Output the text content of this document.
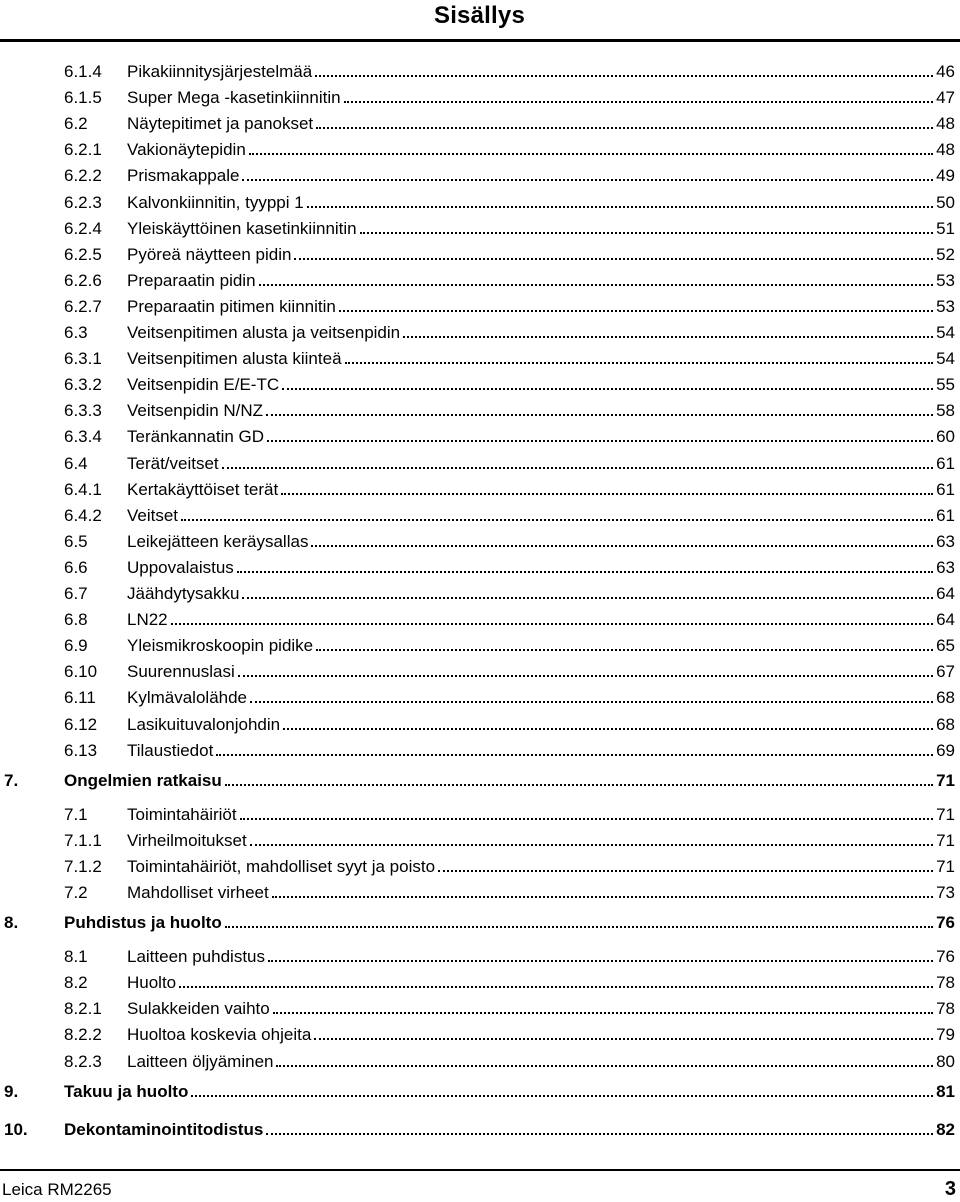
Sisällys
6.1.4 Pikakiinnitysjärjestelmää	46
6.1.5 Super Mega -kasetinkiinnitin	47
6.2 Näytepitimet ja panokset	48
6.2.1 Vakionäytepidin	48
6.2.2 Prismakappale	49
6.2.3 Kalvonkiinnitin, tyyppi 1	50
6.2.4 Yleiskäyttöinen kasetinkiinnitin	51
6.2.5 Pyöreä näytteen pidin	52
6.2.6 Preparaatin pidin	53
6.2.7 Preparaatin pitimen kiinnitin	53
6.3 Veitsenpitimen alusta ja veitsenpidin	54
6.3.1 Veitsenpitimen alusta kiinteä	54
6.3.2 Veitsenpidin E/E-TC	55
6.3.3 Veitsenpidin N/NZ	58
6.3.4 Teränkannatin GD	60
6.4 Terät/veitset	61
6.4.1 Kertakäyttöiset terät	61
6.4.2 Veitset	61
6.5 Leikejätteen keräysallas	63
6.6 Uppovalaistus	63
6.7 Jäähdytysakku	64
6.8 LN22	64
6.9 Yleismikroskoopin pidike	65
6.10 Suurennuslasi	67
6.11 Kylmävalolähde	68
6.12 Lasikuituvalonjohdin	68
6.13 Tilaustiedot	69
7.	Ongelmien ratkaisu	71
7.1 Toimintahäiriöt	71
7.1.1 Virheilmoitukset	71
7.1.2 Toimintahäiriöt, mahdolliset syyt ja poisto	71
7.2 Mahdolliset virheet	73
8.	Puhdistus ja huolto	76
8.1 Laitteen puhdistus	76
8.2 Huolto	78
8.2.1 Sulakkeiden vaihto	78
8.2.2 Huoltoa koskevia ohjeita	79
8.2.3 Laitteen öljyäminen	80
9.	Takuu ja huolto	81
10. Dekontaminointitodistus	82
Leica RM2265	3
